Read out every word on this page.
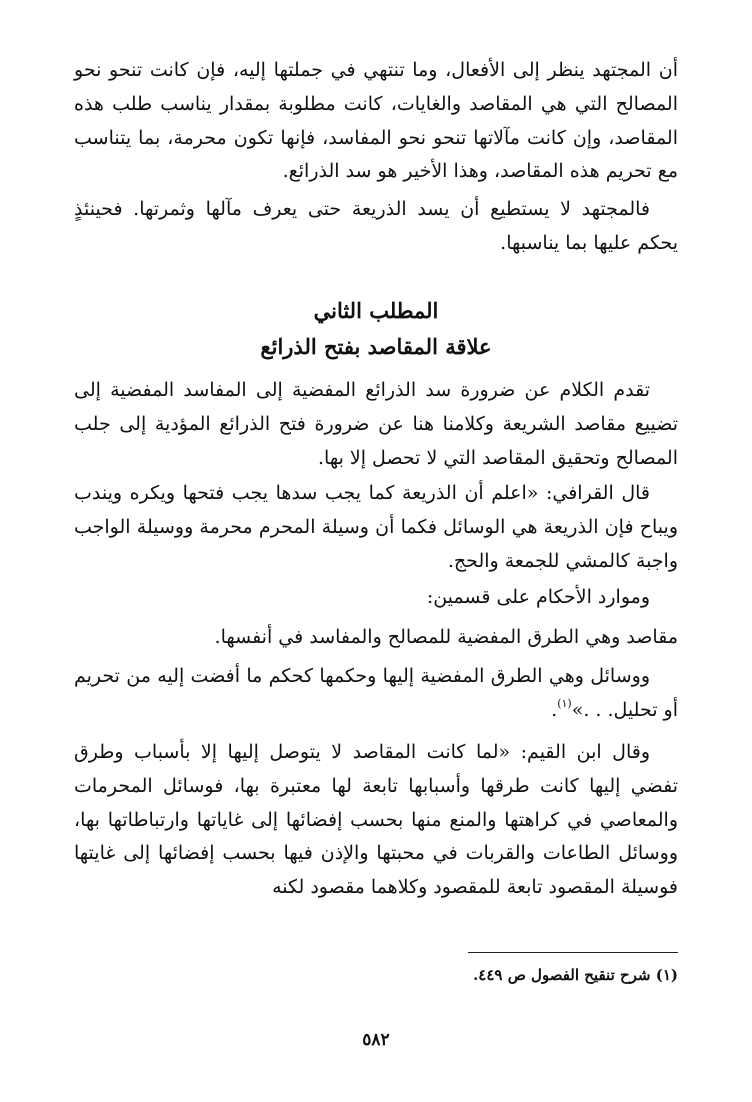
أن المجتهد ينظر إلى الأفعال، وما تنتهي في جملتها إليه، فإن كانت تنحو نحو المصالح التي هي المقاصد والغايات، كانت مطلوبة بمقدار يناسب طلب هذه المقاصد، وإن كانت مآلاتها تنحو نحو المفاسد، فإنها تكون محرمة، بما يتناسب مع تحريم هذه المقاصد، وهذا الأخير هو سد الذرائع.

فالمجتهد لا يستطيع أن يسد الذريعة حتى يعرف مآلها وثمرتها. فحينئذٍ يحكم عليها بما يناسبها.

المطلب الثاني
علاقة المقاصد بفتح الذرائع

تقدم الكلام عن ضرورة سد الذرائع المفضية إلى المفاسد المفضية إلى تضييع مقاصد الشريعة وكلامنا هنا عن ضرورة فتح الذرائع المؤدية إلى جلب المصالح وتحقيق المقاصد التي لا تحصل إلا بها.

قال القرافي: «اعلم أن الذريعة كما يجب سدها يجب فتحها ويكره ويندب ويباح فإن الذريعة هي الوسائل فكما أن وسيلة المحرم محرمة ووسيلة الواجب واجبة كالمشي للجمعة والحج.

وموارد الأحكام على قسمين:

مقاصد وهي الطرق المفضية للمصالح والمفاسد في أنفسها.

ووسائل وهي الطرق المفضية إليها وحكمها كحكم ما أفضت إليه من تحريم أو تحليل. . .»$^{(١)}$.

وقال ابن القيم: «لما كانت المقاصد لا يتوصل إليها إلا بأسباب وطرق تفضي إليها كانت طرقها وأسبابها تابعة لها معتبرة بها، فوسائل المحرمات والمعاصي في كراهتها والمنع منها بحسب إفضائها إلى غاياتها وارتباطاتها بها، ووسائل الطاعات والقربات في محبتها والإذن فيها بحسب إفضائها إلى غايتها فوسيلة المقصود تابعة للمقصود وكلاهما مقصود لكنه

(١) شرح تنقيح الفصول ص ٤٤٩.
٥٨٢
